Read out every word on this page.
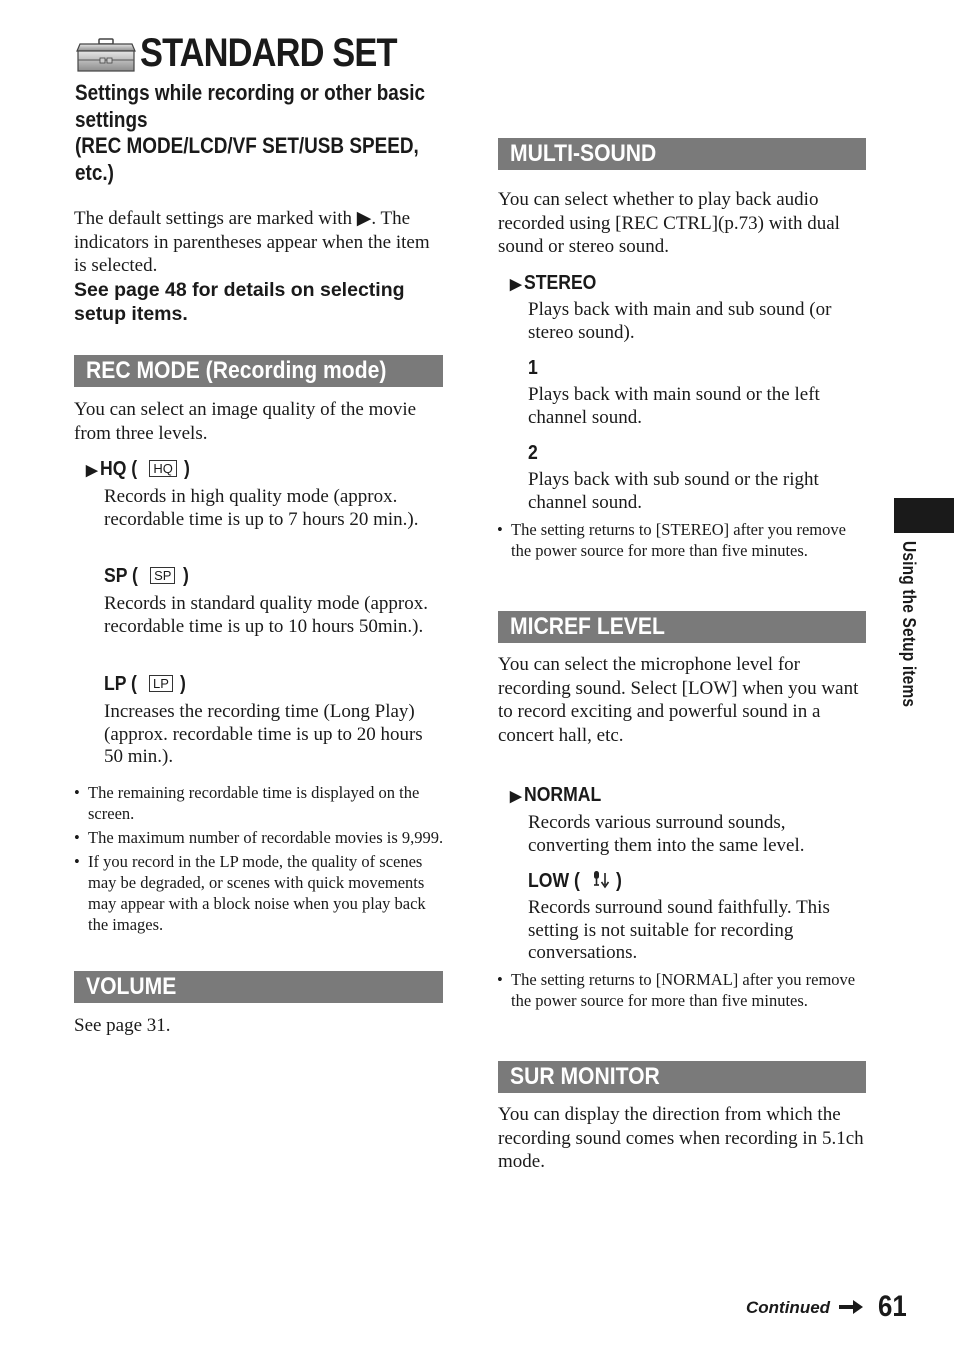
STANDARD SET
Settings while recording or other basic
settings
(REC MODE/LCD/VF SET/USB SPEED,
etc.)
The default settings are marked with ▶. The indicators in parentheses appear when the item is selected.
See page 48 for details on selecting setup items.
REC MODE (Recording mode)
You can select an image quality of the movie from three levels.
▶ HQ ( HQ )
Records in high quality mode (approx. recordable time is up to 7 hours 20 min.).
SP ( SP )
Records in standard quality mode (approx. recordable time is up to 10 hours 50min.).
LP ( LP )
Increases the recording time (Long Play) (approx. recordable time is up to 20 hours 50 min.).
• The remaining recordable time is displayed on the screen.
• The maximum number of recordable movies is 9,999.
• If you record in the LP mode, the quality of scenes may be degraded, or scenes with quick movements may appear with a block noise when you play back the images.
VOLUME
See page 31.
MULTI-SOUND
You can select whether to play back audio recorded using [REC CTRL](p.73) with dual sound or stereo sound.
▶ STEREO
Plays back with main and sub sound (or stereo sound).
1
Plays back with main sound or the left channel sound.
2
Plays back with sub sound or the right channel sound.
• The setting returns to [STEREO] after you remove the power source for more than five minutes.
MICREF LEVEL
You can select the microphone level for recording sound. Select [LOW] when you want to record exciting and powerful sound in a concert hall, etc.
▶ NORMAL
Records various surround sounds, converting them into the same level.
LOW ( )
Records surround sound faithfully. This setting is not suitable for recording conversations.
• The setting returns to [NORMAL] after you remove the power source for more than five minutes.
SUR MONITOR
You can display the direction from which the recording sound comes when recording in 5.1ch mode.
Using the Setup items
Continued	61
